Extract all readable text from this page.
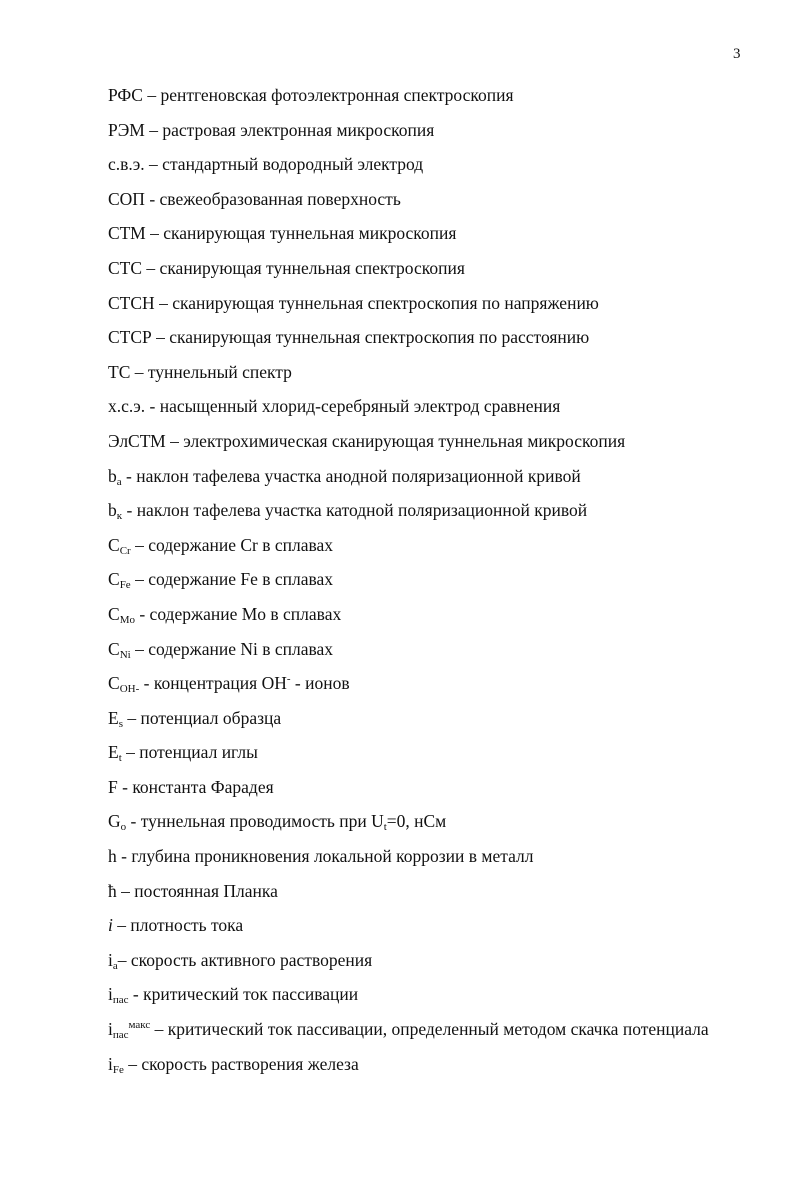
3
РФС – рентгеновская фотоэлектронная спектроскопия
РЭМ – растровая электронная микроскопия
с.в.э. – стандартный водородный электрод
СОП - свежеобразованная поверхность
СТМ – сканирующая туннельная микроскопия
СТС – сканирующая туннельная спектроскопия
СТСН – сканирующая туннельная спектроскопия по напряжению
СТСР – сканирующая туннельная спектроскопия по расстоянию
ТС – туннельный спектр
х.с.э. - насыщенный хлорид-серебряный электрод сравнения
ЭлСТМ – электрохимическая сканирующая туннельная микроскопия
$b_a$ - наклон тафелева участка анодной поляризационной кривой
$b_к$ - наклон тафелева участка катодной поляризационной кривой
$C_{Cr}$ – содержание Cr в сплавах
$C_{Fe}$ – содержание Fe в сплавах
$C_{Mo}$ - содержание Mo в сплавах
$C_{Ni}$ – содержание Ni в сплавах
$C_{OH-}$ - концентрация OH- - ионов
$E_s$ – потенциал образца
$E_t$ – потенциал иглы
F - константа Фарадея
$G_o$ - туннельная проводимость при $U_t=0$, нСм
h - глубина проникновения локальной коррозии в металл
ħ – постоянная Планка
i – плотность тока
$i_a-$ скорость активного растворения
$i_{пас}$ - критический ток пассивации
$i_{пас}^{макс}$ – критический ток пассивации, определенный методом скачка потенциала
$i_{Fe}$ – скорость растворения железа
